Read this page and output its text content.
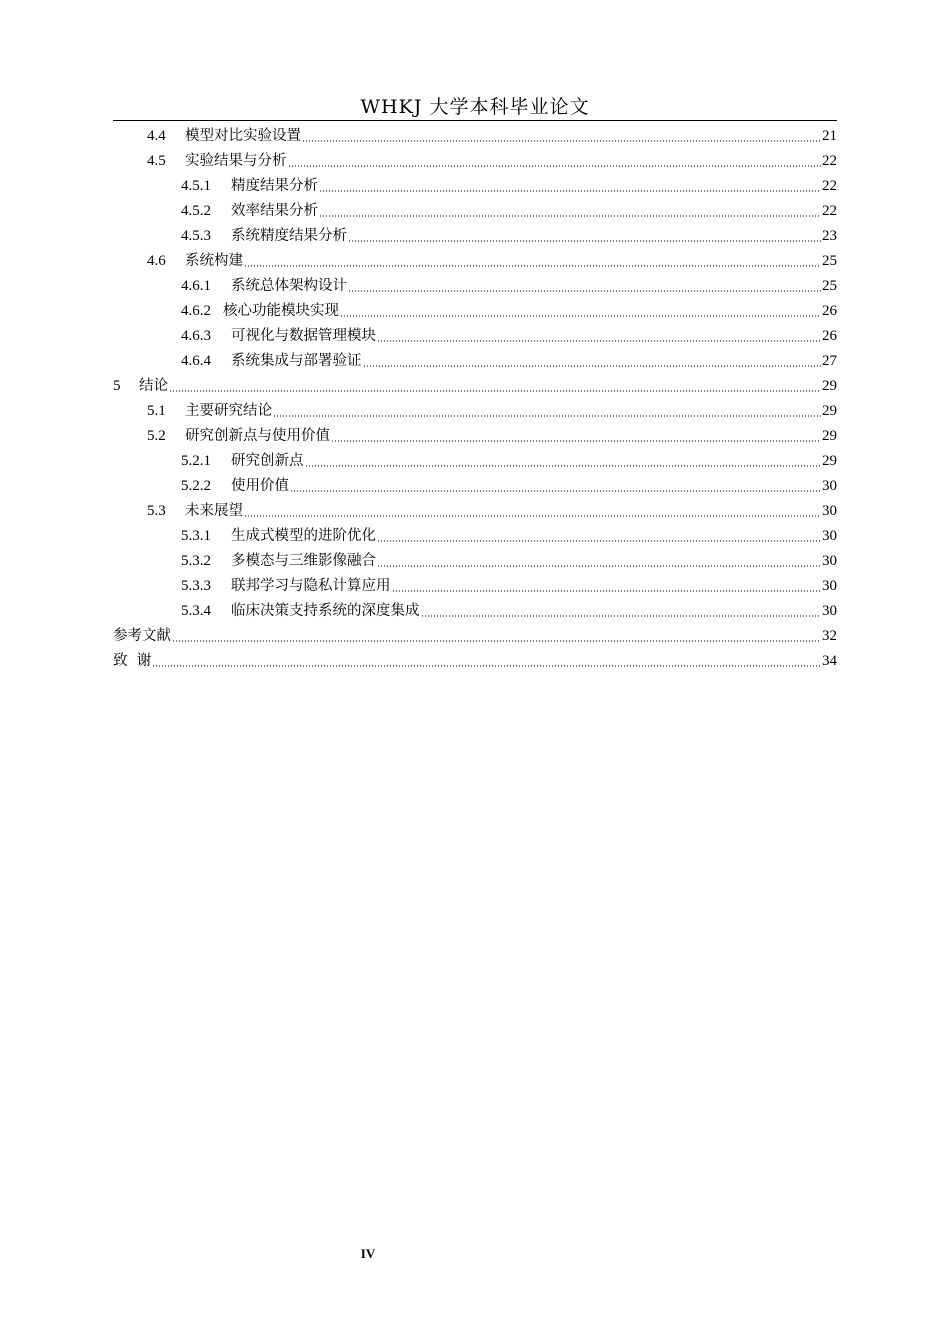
WHKJ 大学本科毕业论文
4.4	模型对比实验设置	21
4.5	实验结果与分析	22
4.5.1	精度结果分析	22
4.5.2	效率结果分析	22
4.5.3	系统精度结果分析	23
4.6	系统构建	25
4.6.1	系统总体架构设计	25
4.6.2 核心功能模块实现	26
4.6.3	可视化与数据管理模块	26
4.6.4	系统集成与部署验证	27
5	结论	29
5.1	主要研究结论	29
5.2	研究创新点与使用价值	29
5.2.1	研究创新点	29
5.2.2	使用价值	30
5.3	未来展望	30
5.3.1	生成式模型的进阶优化	30
5.3.2	多模态与三维影像融合	30
5.3.3	联邦学习与隐私计算应用	30
5.3.4	临床决策支持系统的深度集成	30
参考文献	32
致  谢	34
IV
